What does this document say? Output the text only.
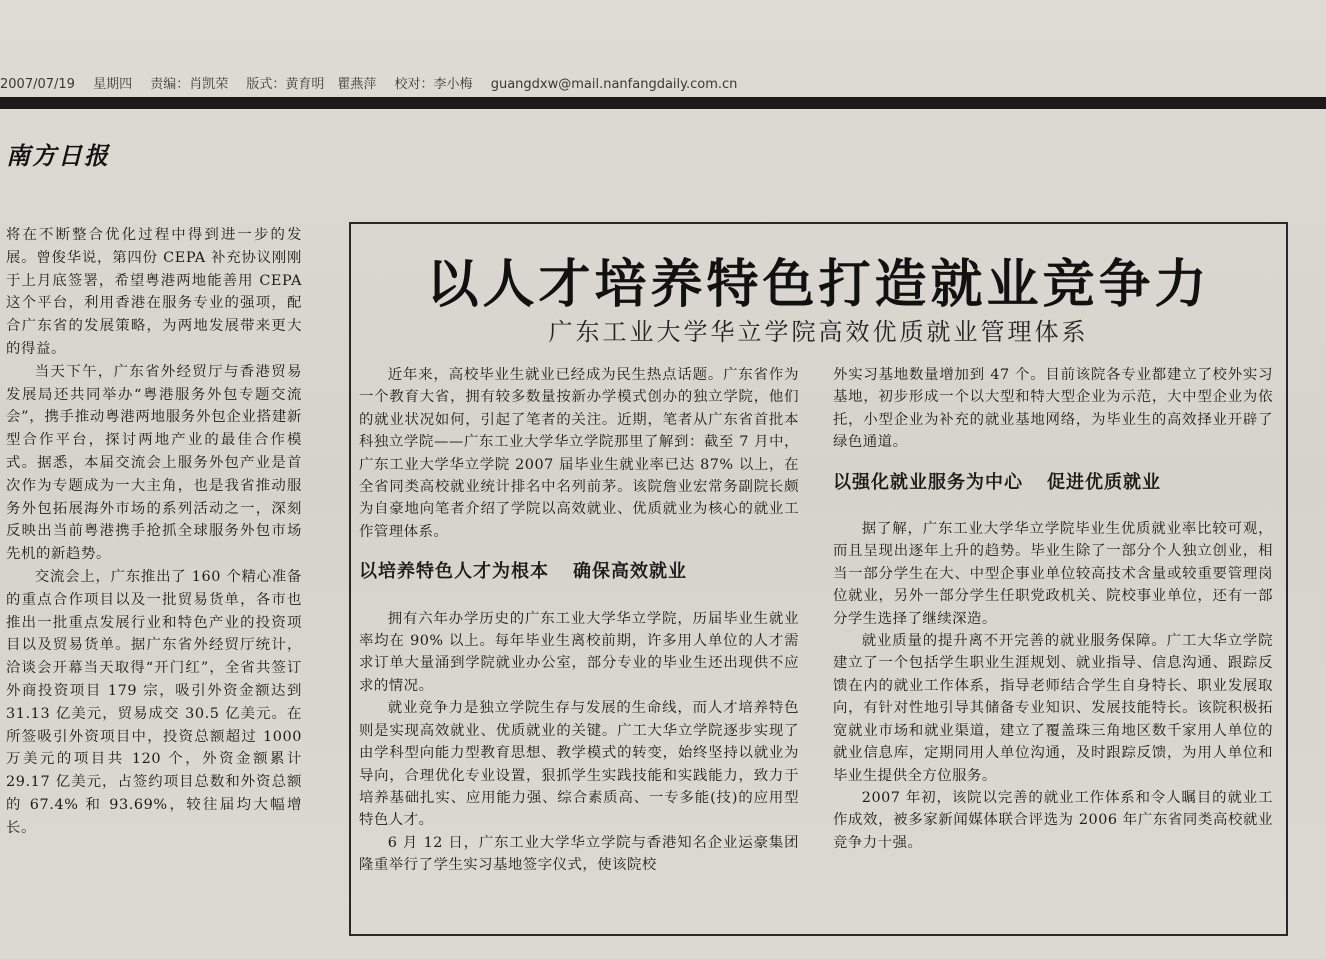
2007/07/19 星期四 责编：肖凯荣 版式：黄育明　瞿燕萍 校对：李小梅 guangdxw@mail.nanfangdaily.com.cn
南方日报

将在不断整合优化过程中得到进一步的发展。曾俊华说，第四份 CEPA 补充协议刚刚于上月底签署，希望粤港两地能善用 CEPA 这个平台，利用香港在服务专业的强项，配合广东省的发展策略，为两地发展带来更大的得益。

当天下午，广东省外经贸厅与香港贸易发展局还共同举办“粤港服务外包专题交流会”，携手推动粤港两地服务外包企业搭建新型合作平台，探讨两地产业的最佳合作模式。据悉，本届交流会上服务外包产业是首次作为专题成为一大主角，也是我省推动服务外包拓展海外市场的系列活动之一，深刻反映出当前粤港携手抢抓全球服务外包市场先机的新趋势。

交流会上，广东推出了 160 个精心准备的重点合作项目以及一批贸易货单，各市也推出一批重点发展行业和特色产业的投资项目以及贸易货单。据广东省外经贸厅统计，洽谈会开幕当天取得“开门红”，全省共签订外商投资项目 179 宗，吸引外资金额达到 31.13 亿美元，贸易成交 30.5 亿美元。在所签吸引外资项目中，投资总额超过 1000 万美元的项目共 120 个，外资金额累计 29.17 亿美元，占签约项目总数和外资总额的 67.4% 和 93.69%，较往届均大幅增长。

以人才培养特色打造就业竞争力
广东工业大学华立学院高效优质就业管理体系

近年来，高校毕业生就业已经成为民生热点话题。广东省作为一个教育大省，拥有较多数量按新办学模式创办的独立学院，他们的就业状况如何，引起了笔者的关注。近期，笔者从广东省首批本科独立学院——广东工业大学华立学院那里了解到：截至 7 月中，广东工业大学华立学院 2007 届毕业生就业率已达 87% 以上，在全省同类高校就业统计排名中名列前茅。该院詹业宏常务副院长颇为自豪地向笔者介绍了学院以高效就业、优质就业为核心的就业工作管理体系。

以培养特色人才为根本 确保高效就业

拥有六年办学历史的广东工业大学华立学院，历届毕业生就业率均在 90% 以上。每年毕业生离校前期，许多用人单位的人才需求订单大量涌到学院就业办公室，部分专业的毕业生还出现供不应求的情况。

就业竞争力是独立学院生存与发展的生命线，而人才培养特色则是实现高效就业、优质就业的关键。广工大华立学院逐步实现了由学科型向能力型教育思想、教学模式的转变，始终坚持以就业为导向，合理优化专业设置，狠抓学生实践技能和实践能力，致力于培养基础扎实、应用能力强、综合素质高、一专多能(技)的应用型特色人才。

6 月 12 日，广东工业大学华立学院与香港知名企业运豪集团隆重举行了学生实习基地签字仪式，使该院校

外实习基地数量增加到 47 个。目前该院各专业都建立了校外实习基地，初步形成一个以大型和特大型企业为示范，大中型企业为依托，小型企业为补充的就业基地网络，为毕业生的高效择业开辟了绿色通道。

以强化就业服务为中心 促进优质就业

据了解，广东工业大学华立学院毕业生优质就业率比较可观，而且呈现出逐年上升的趋势。毕业生除了一部分个人独立创业，相当一部分学生在大、中型企事业单位较高技术含量或较重要管理岗位就业，另外一部分学生任职党政机关、院校事业单位，还有一部分学生选择了继续深造。

就业质量的提升离不开完善的就业服务保障。广工大华立学院建立了一个包括学生职业生涯规划、就业指导、信息沟通、跟踪反馈在内的就业工作体系，指导老师结合学生自身特长、职业发展取向，有针对性地引导其储备专业知识、发展技能特长。该院积极拓宽就业市场和就业渠道，建立了覆盖珠三角地区数千家用人单位的就业信息库，定期同用人单位沟通，及时跟踪反馈，为用人单位和毕业生提供全方位服务。

2007 年初，该院以完善的就业工作体系和令人瞩目的就业工作成效，被多家新闻媒体联合评选为 2006 年广东省同类高校就业竞争力十强。
